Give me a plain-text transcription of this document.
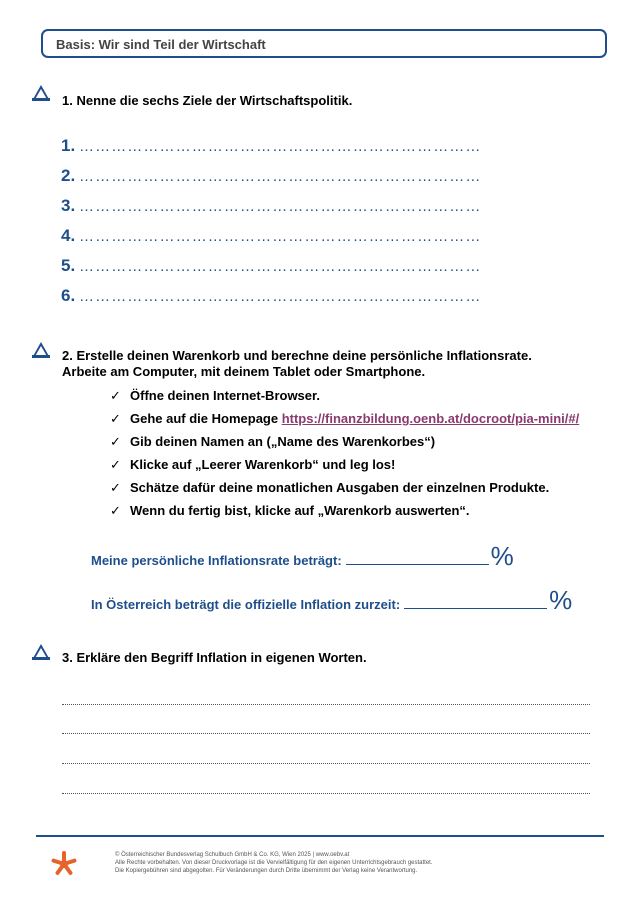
Basis: Wir sind Teil der Wirtschaft
1. Nenne die sechs Ziele der Wirtschaftspolitik.
1. …………………………………………………………………
2. …………………………………………………………………
3. …………………………………………………………………
4. …………………………………………………………………
5. …………………………………………………………………
6. …………………………………………………………………
2. Erstelle deinen Warenkorb und berechne deine persönliche Inflationsrate.
Arbeite am Computer, mit deinem Tablet oder Smartphone.
✓ Öffne deinen Internet-Browser.
✓ Gehe auf die Homepage https://finanzbildung.oenb.at/docroot/pia-mini/#/
✓ Gib deinen Namen an („Name des Warenkorbes“)
✓ Klicke auf „Leerer Warenkorb“ und leg los!
✓ Schätze dafür deine monatlichen Ausgaben der einzelnen Produkte.
✓ Wenn du fertig bist, klicke auf „Warenkorb auswerten“.
Meine persönliche Inflationsrate beträgt:	%
In Österreich beträgt die offizielle Inflation zurzeit:	%
3. Erkläre den Begriff Inflation in eigenen Worten.
© Österreichischer Bundesverlag Schulbuch GmbH & Co. KG, Wien 2025 | www.oebv.at
Alle Rechte vorbehalten. Von dieser Druckvorlage ist die Vervielfältigung für den eigenen Unterrichtsgebrauch gestattet.
Die Kopiergebühren sind abgegolten. Für Veränderungen durch Dritte übernimmt der Verlag keine Verantwortung.
